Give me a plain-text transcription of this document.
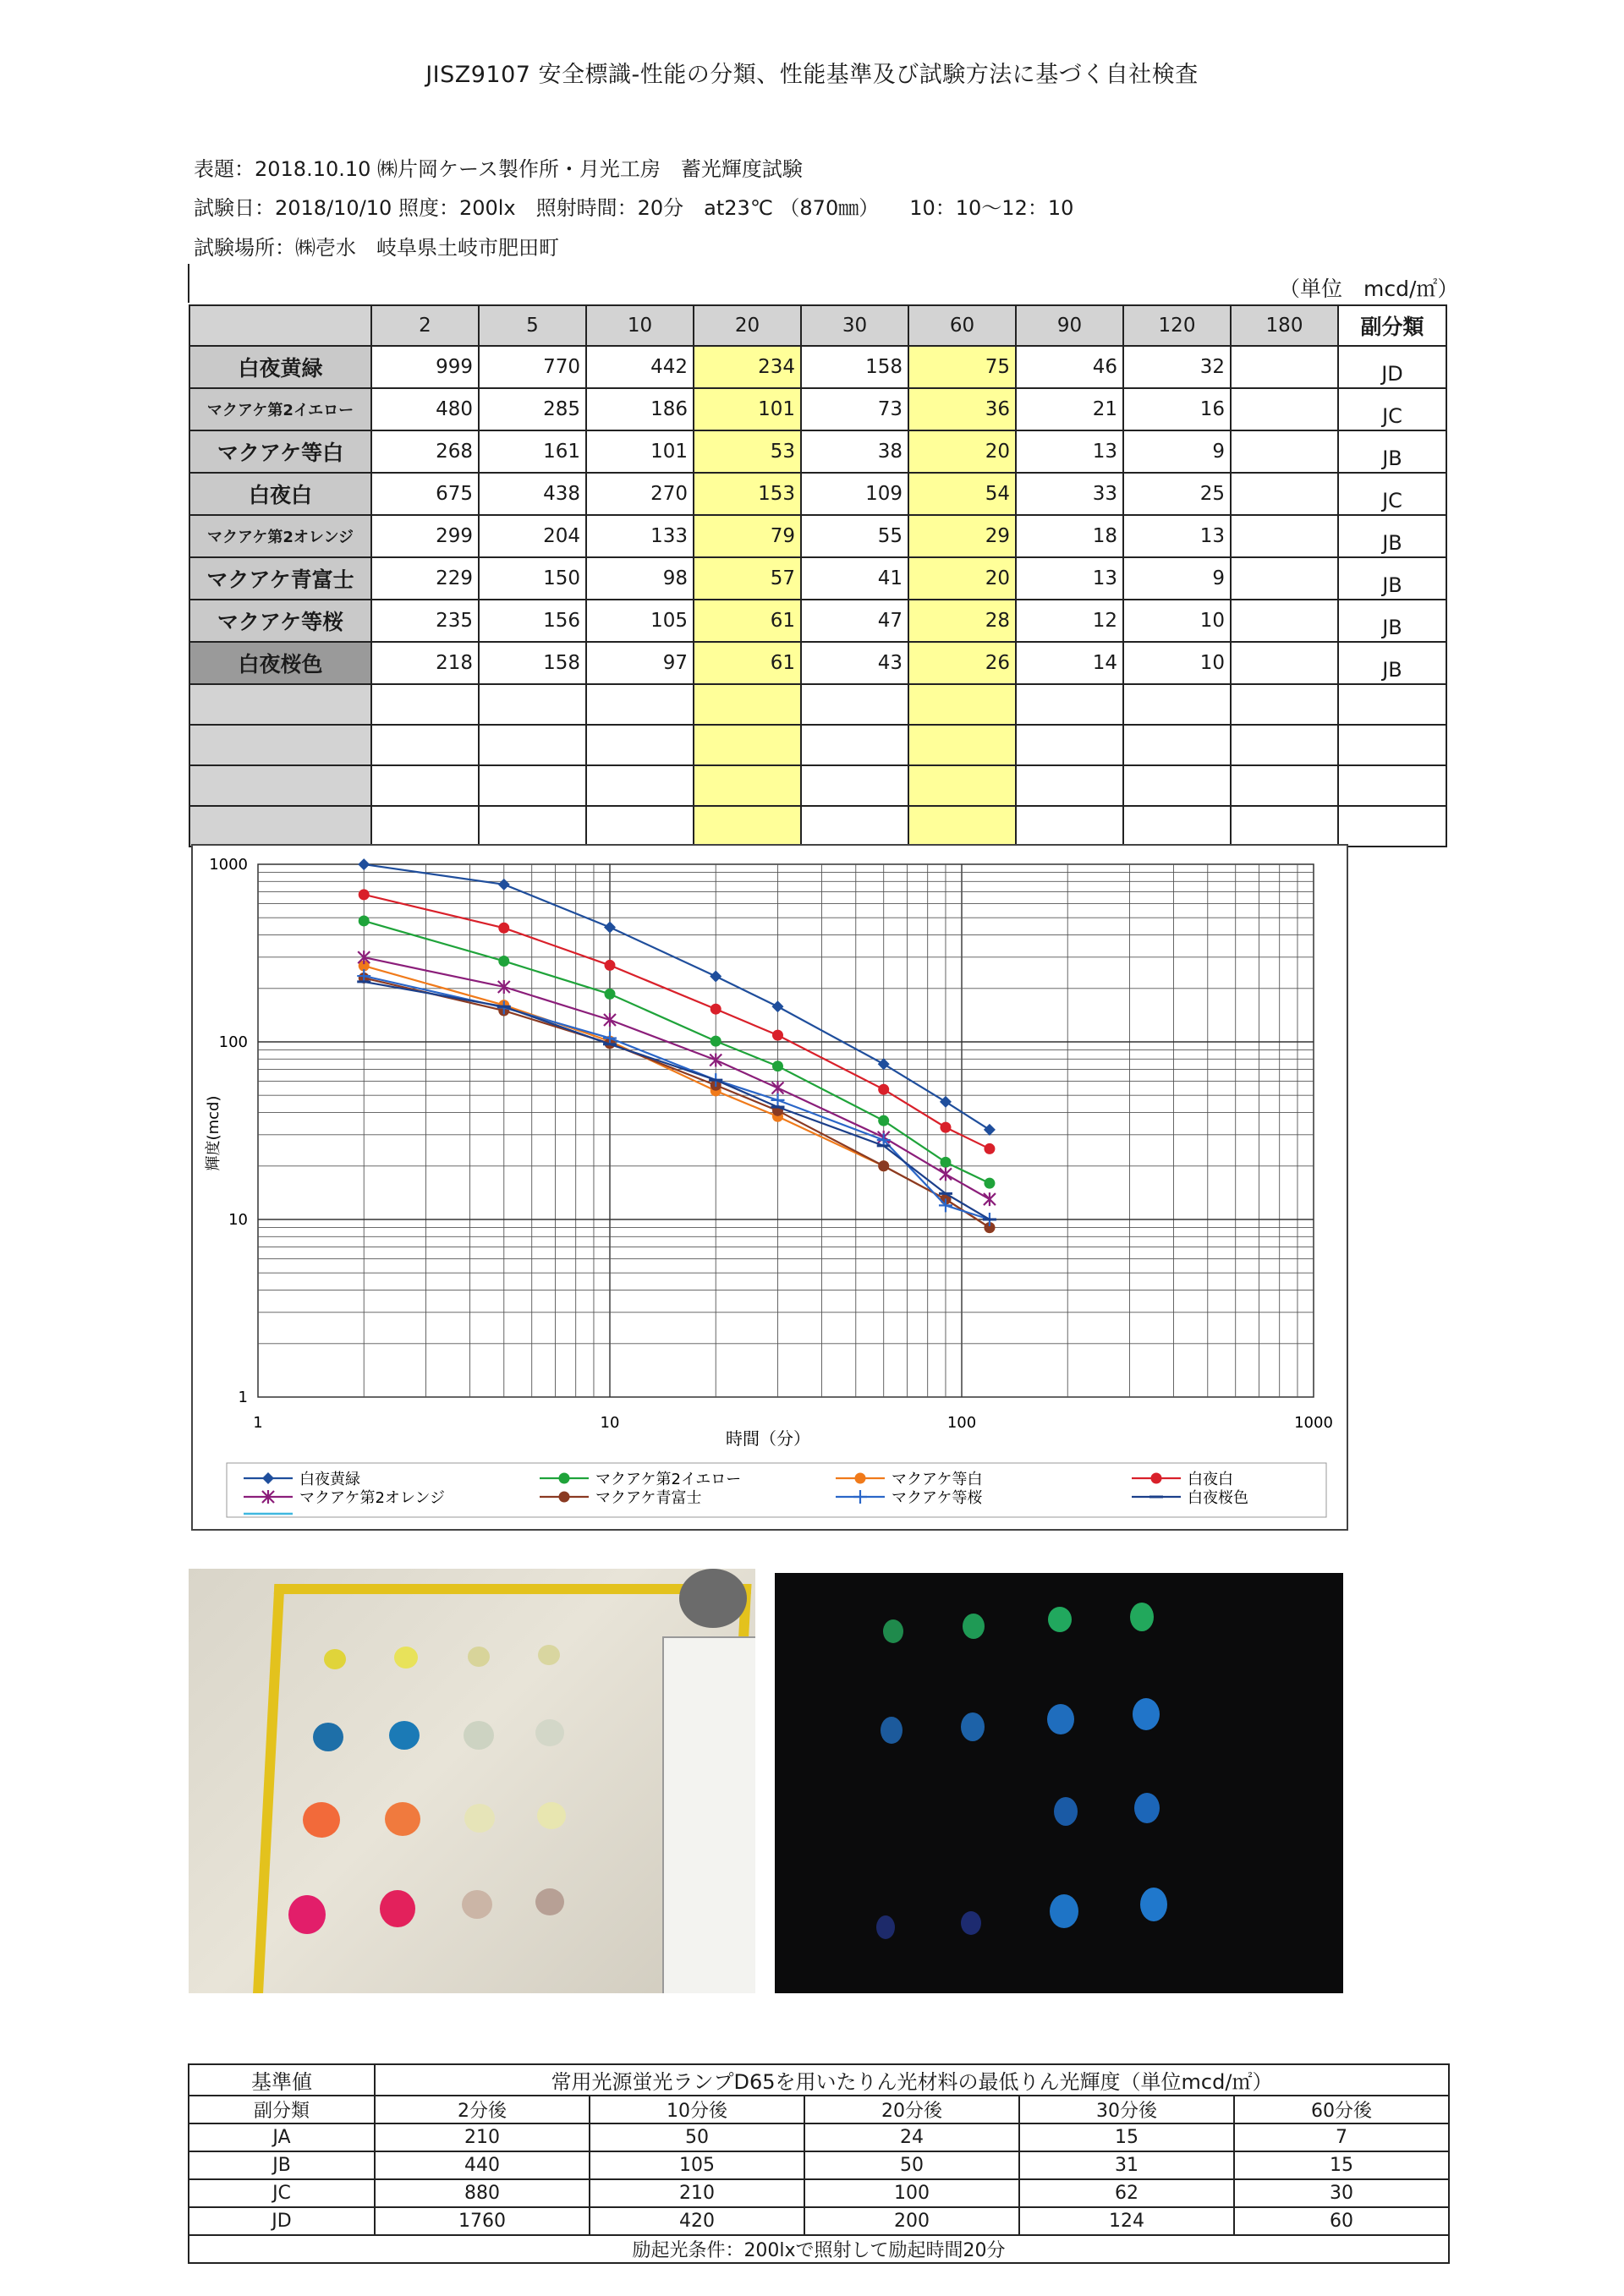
JISZ9107 安全標識-性能の分類、性能基準及び試験方法に基づく自社検査
表題：2018.10.10 ㈱片岡ケース製作所・月光工房　蓄光輝度試験
試験日：2018/10/10 照度：200lx　照射時間：20分　at23℃ （870㎜）　　10：10～12：10
試験場所：㈱壱水　岐阜県土岐市肥田町
（単位　mcd/㎡）
	2	5	10	20	30	60	90	120	180	副分類
白夜黄緑	999	770	442	234	158	75	46	32		JD
マクアケ第2イエロー	480	285	186	101	73	36	21	16		JC
マクアケ等白	268	161	101	53	38	20	13	9		JB
白夜白	675	438	270	153	109	54	33	25		JC
マクアケ第2オレンジ	299	204	133	79	55	29	18	13		JB
マクアケ青富士	229	150	98	57	41	20	13	9		JB
マクアケ等桜	235	156	105	61	47	28	12	10		JB
白夜桜色	218	158	97	61	43	26	14	10		JB

1	10	100	1000
1
10
100
1000
輝度(mcd)
時間（分）
白夜黄緑	マクアケ第2イエロー	マクアケ等白	白夜白
マクアケ第2オレンジ	マクアケ青富士	マクアケ等桜	白夜桜色
基準値	常用光源蛍光ランプD65を用いたりん光材料の最低りん光輝度（単位mcd/㎡）				
副分類	2分後	10分後	20分後	30分後	60分後
JA	210	50	24	15	7
JB	440	105	50	31	15
JC	880	210	100	62	30
JD	1760	420	200	124	60
励起光条件：200lxで照射して励起時間20分					
